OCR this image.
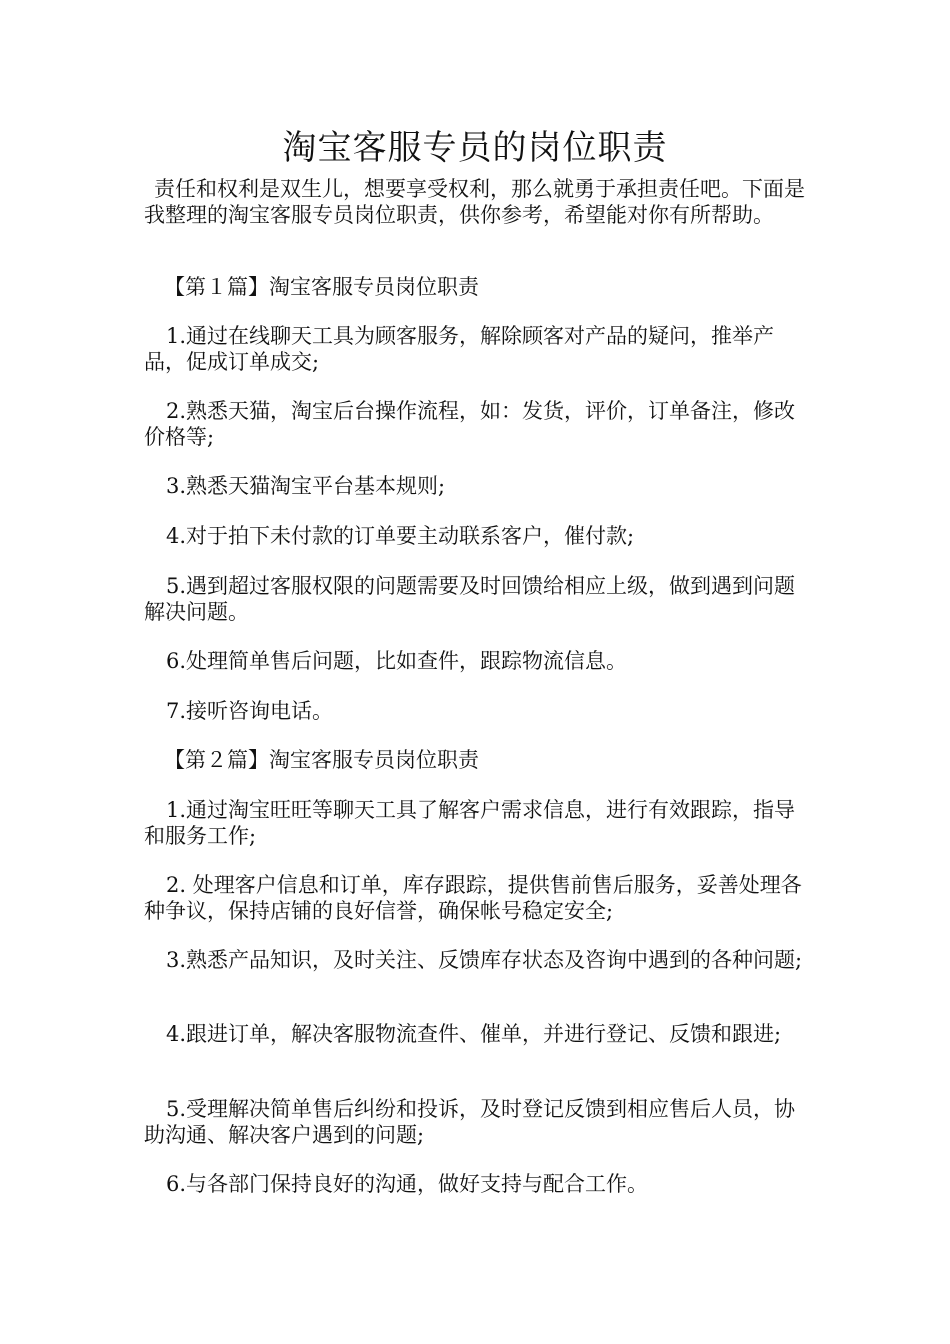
淘宝客服专员的岗位职责

责任和权利是双生儿，想要享受权利，那么就勇于承担责任吧。下面是我整理的淘宝客服专员岗位职责，供你参考，希望能对你有所帮助。

【第１篇】淘宝客服专员岗位职责

1.通过在线聊天工具为顾客服务，解除顾客对产品的疑问，推举产品，促成订单成交;

2.熟悉天猫，淘宝后台操作流程，如：发货，评价，订单备注，修改价格等;

3.熟悉天猫淘宝平台基本规则;

4.对于拍下未付款的订单要主动联系客户，催付款;

5.遇到超过客服权限的问题需要及时回馈给相应上级，做到遇到问题解决问题。

6.处理简单售后问题，比如查件，跟踪物流信息。

7.接听咨询电话。

【第２篇】淘宝客服专员岗位职责

1.通过淘宝旺旺等聊天工具了解客户需求信息，进行有效跟踪，指导和服务工作;

2. 处理客户信息和订单，库存跟踪，提供售前售后服务，妥善处理各种争议，保持店铺的良好信誉，确保帐号稳定安全;

3.熟悉产品知识，及时关注、反馈库存状态及咨询中遇到的各种问题;

4.跟进订单，解决客服物流查件、催单，并进行登记、反馈和跟进;

5.受理解决简单售后纠纷和投诉，及时登记反馈到相应售后人员，协助沟通、解决客户遇到的问题;

6.与各部门保持良好的沟通，做好支持与配合工作。
